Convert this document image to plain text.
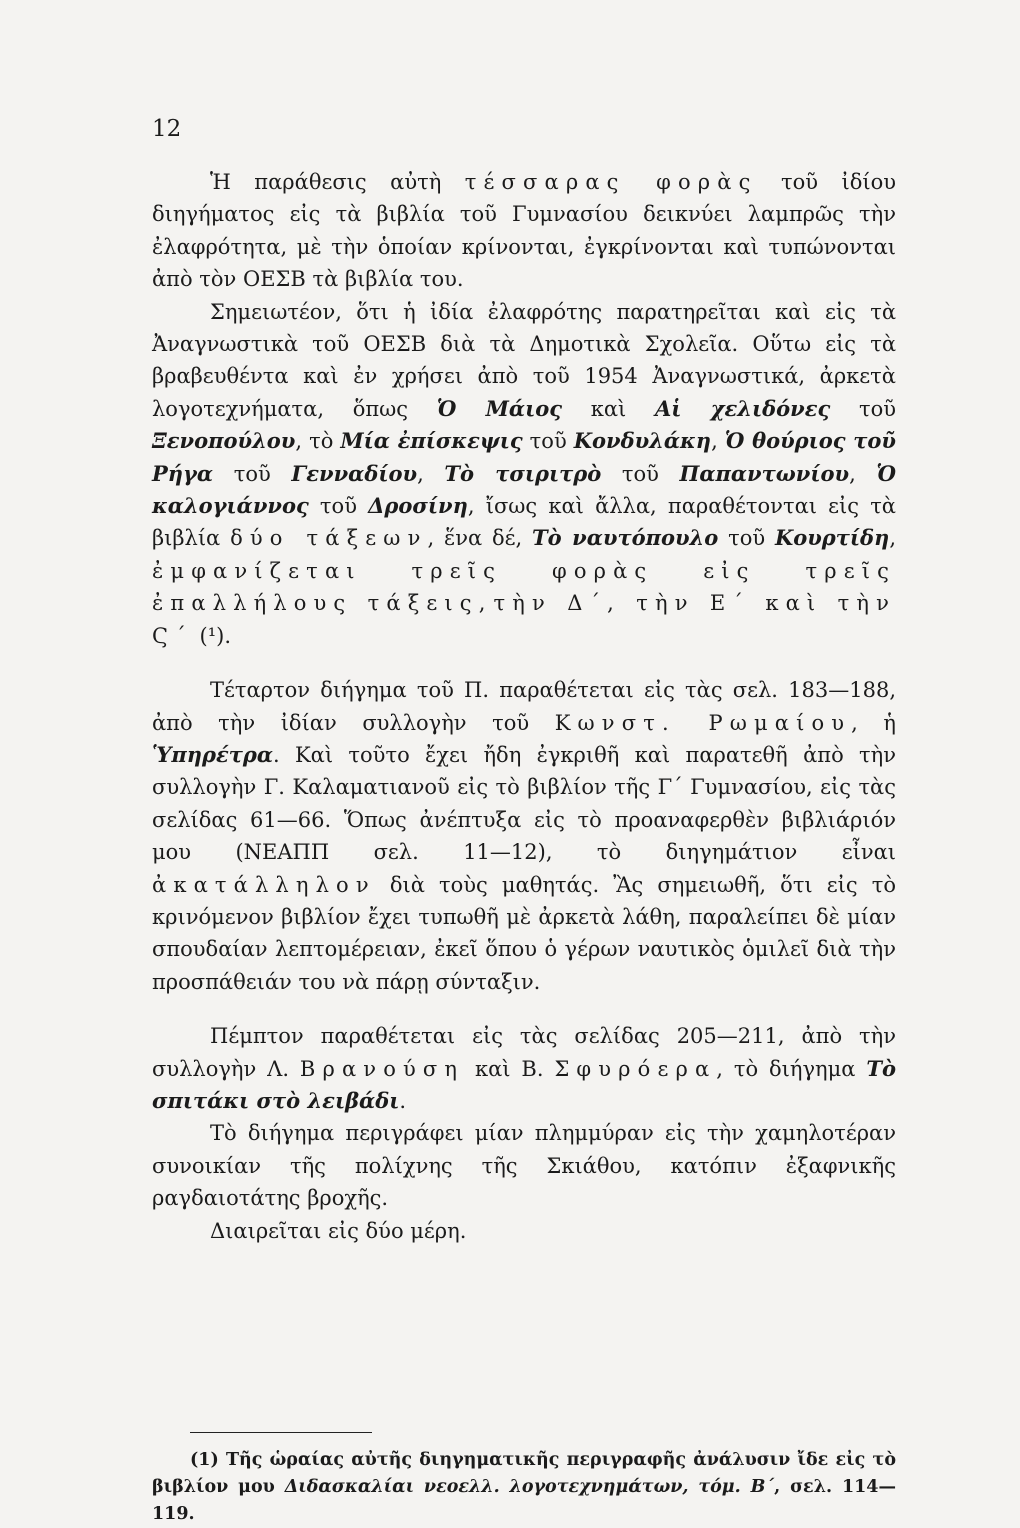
12

Ἡ παράθεσις αὐτὴ τέσσαρας φορὰς τοῦ ἰδίου διηγήματος εἰς τὰ βιβλία τοῦ Γυμνασίου δεικνύει λαμπρῶς τὴν ἐλαφρότητα, μὲ τὴν ὁποίαν κρίνονται, ἐγκρίνονται καὶ τυπώνονται ἀπὸ τὸν ΟΕΣΒ τὰ βιβλία του.

Σημειωτέον, ὅτι ἡ ἰδία ἐλαφρότης παρατηρεῖται καὶ εἰς τὰ Ἀναγνωστικὰ τοῦ ΟΕΣΒ διὰ τὰ Δημοτικὰ Σχολεῖα. Οὕτω εἰς τὰ βραβευθέντα καὶ ἐν χρήσει ἀπὸ τοῦ 1954 Ἀναγνωστικά, ἀρκετὰ λογοτεχνήματα, ὅπως Ὁ Μάιος καὶ Αἱ χελιδόνες τοῦ Ξενοπούλου, τὸ Μία ἐπίσκεψις τοῦ Κονδυλάκη, Ὁ θούριος τοῦ Ρήγα τοῦ Γενναδίου, Τὸ τσιριτρὸ τοῦ Παπαντωνίου, Ὁ καλογιάννος τοῦ Δροσίνη, ἴσως καὶ ἄλλα, παραθέτονται εἰς τὰ βιβλία δύο τάξεων, ἕνα δέ, Τὸ ναυτόπουλο τοῦ Κουρτίδη, ἐμφανίζεται τρεῖς φορὰς εἰς τρεῖς ἐπαλλήλους τάξεις, τὴν Δ΄, τὴν Ε΄ καὶ τὴν Ϛ΄ (¹).

Τέταρτον διήγημα τοῦ Π. παραθέτεται εἰς τὰς σελ. 183—188, ἀπὸ τὴν ἰδίαν συλλογὴν τοῦ Κωνστ. Ρωμαίου, ἡ Ὑπηρέτρα. Καὶ τοῦτο ἔχει ἤδη ἐγκριθῆ καὶ παρατεθῆ ἀπὸ τὴν συλλογὴν Γ. Καλαματιανοῦ εἰς τὸ βιβλίον τῆς Γ΄ Γυμνασίου, εἰς τὰς σελίδας 61—66. Ὅπως ἀνέπτυξα εἰς τὸ προαναφερθὲν βιβλιάριόν μου (ΝΕΑΠΠ σελ. 11—12), τὸ διηγημάτιον εἶναι ἀκατάλληλον διὰ τοὺς μαθητάς. Ἂς σημειωθῆ, ὅτι εἰς τὸ κρινόμενον βιβλίον ἔχει τυπωθῆ μὲ ἀρκετὰ λάθη, παραλείπει δὲ μίαν σπουδαίαν λεπτομέρειαν, ἐκεῖ ὅπου ὁ γέρων ναυτικὸς ὁμιλεῖ διὰ τὴν προσπάθειάν του νὰ πάρῃ σύνταξιν.

Πέμπτον παραθέτεται εἰς τὰς σελίδας 205—211, ἀπὸ τὴν συλλογὴν Λ. Βρανούση καὶ Β. Σφυρόερα, τὸ διήγημα Τὸ σπιτάκι στὸ λειβάδι.

Τὸ διήγημα περιγράφει μίαν πλημμύραν εἰς τὴν χαμηλοτέραν συνοικίαν τῆς πολίχνης τῆς Σκιάθου, κατόπιν ἐξαφνικῆς ραγδαιοτάτης βροχῆς.

Διαιρεῖται εἰς δύο μέρη.

(1) Τῆς ὡραίας αὐτῆς διηγηματικῆς περιγραφῆς ἀνάλυσιν ἴδε εἰς τὸ βιβλίον μου Διδασκαλίαι νεοελλ. λογοτεχνημάτων, τόμ. Β΄, σελ. 114—119.
